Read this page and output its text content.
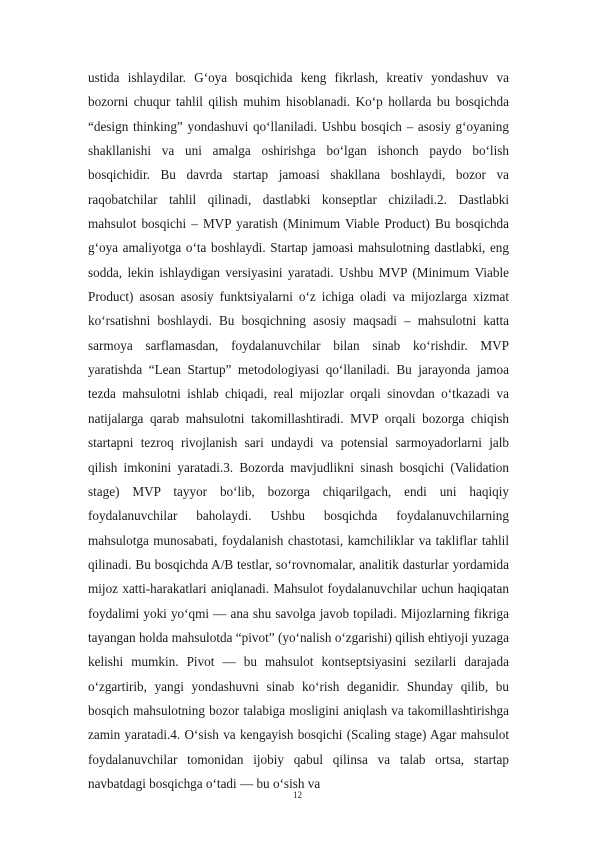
ustida ishlaydilar. G‘oya bosqichida keng fikrlash, kreativ yondashuv va bozorni chuqur tahlil qilish muhim hisoblanadi. Ko‘p hollarda bu bosqichda “design thinking” yondashuvi qo‘llaniladi. Ushbu bosqich – asosiy g‘oyaning shakllanishi va uni amalga oshirishga bo‘lgan ishonch paydo bo‘lish bosqichidir. Bu davrda startap jamoasi shakllana boshlaydi, bozor va raqobatchilar tahlil qilinadi, dastlabki konseptlar chiziladi.2. Dastlabki mahsulot bosqichi – MVP yaratish (Minimum Viable Product) Bu bosqichda g‘oya amaliyotga o‘ta boshlaydi. Startap jamoasi mahsulotning dastlabki, eng sodda, lekin ishlaydigan versiyasini yaratadi. Ushbu MVP (Minimum Viable Product) asosan asosiy funktsiyalarni o‘z ichiga oladi va mijozlarga xizmat ko‘rsatishni boshlaydi. Bu bosqichning asosiy maqsadi – mahsulotni katta sarmoya sarflamasdan, foydalanuvchilar bilan sinab ko‘rishdir. MVP yaratishda “Lean Startup” metodologiyasi qo‘llaniladi. Bu jarayonda jamoa tezda mahsulotni ishlab chiqadi, real mijozlar orqali sinovdan o‘tkazadi va natijalarga qarab mahsulotni takomillashtiradi. MVP orqali bozorga chiqish startapni tezroq rivojlanish sari undaydi va potensial sarmoyadorlarni jalb qilish imkonini yaratadi.3. Bozorda mavjudlikni sinash bosqichi (Validation stage) MVP tayyor bo‘lib, bozorga chiqarilgach, endi uni haqiqiy foydalanuvchilar baholaydi. Ushbu bosqichda foydalanuvchilarning mahsulotga munosabati, foydalanish chastotasi, kamchiliklar va takliflar tahlil qilinadi. Bu bosqichda A/B testlar, so‘rovnomalar, analitik dasturlar yordamida mijoz xatti-harakatlari aniqlanadi. Mahsulot foydalanuvchilar uchun haqiqatan foydalimi yoki yo‘qmi — ana shu savolga javob topiladi. Mijozlarning fikriga tayangan holda mahsulotda “pivot” (yo‘nalish o‘zgarishi) qilish ehtiyoji yuzaga kelishi mumkin. Pivot — bu mahsulot kontseptsiyasini sezilarli darajada o‘zgartirib, yangi yondashuvni sinab ko‘rish deganidir. Shunday qilib, bu bosqich mahsulotning bozor talabiga mosligini aniqlash va takomillashtirishga zamin yaratadi.4. O‘sish va kengayish bosqichi (Scaling stage) Agar mahsulot foydalanuvchilar tomonidan ijobiy qabul qilinsa va talab ortsa, startap navbatdagi bosqichga o‘tadi — bu o‘sish va

12
